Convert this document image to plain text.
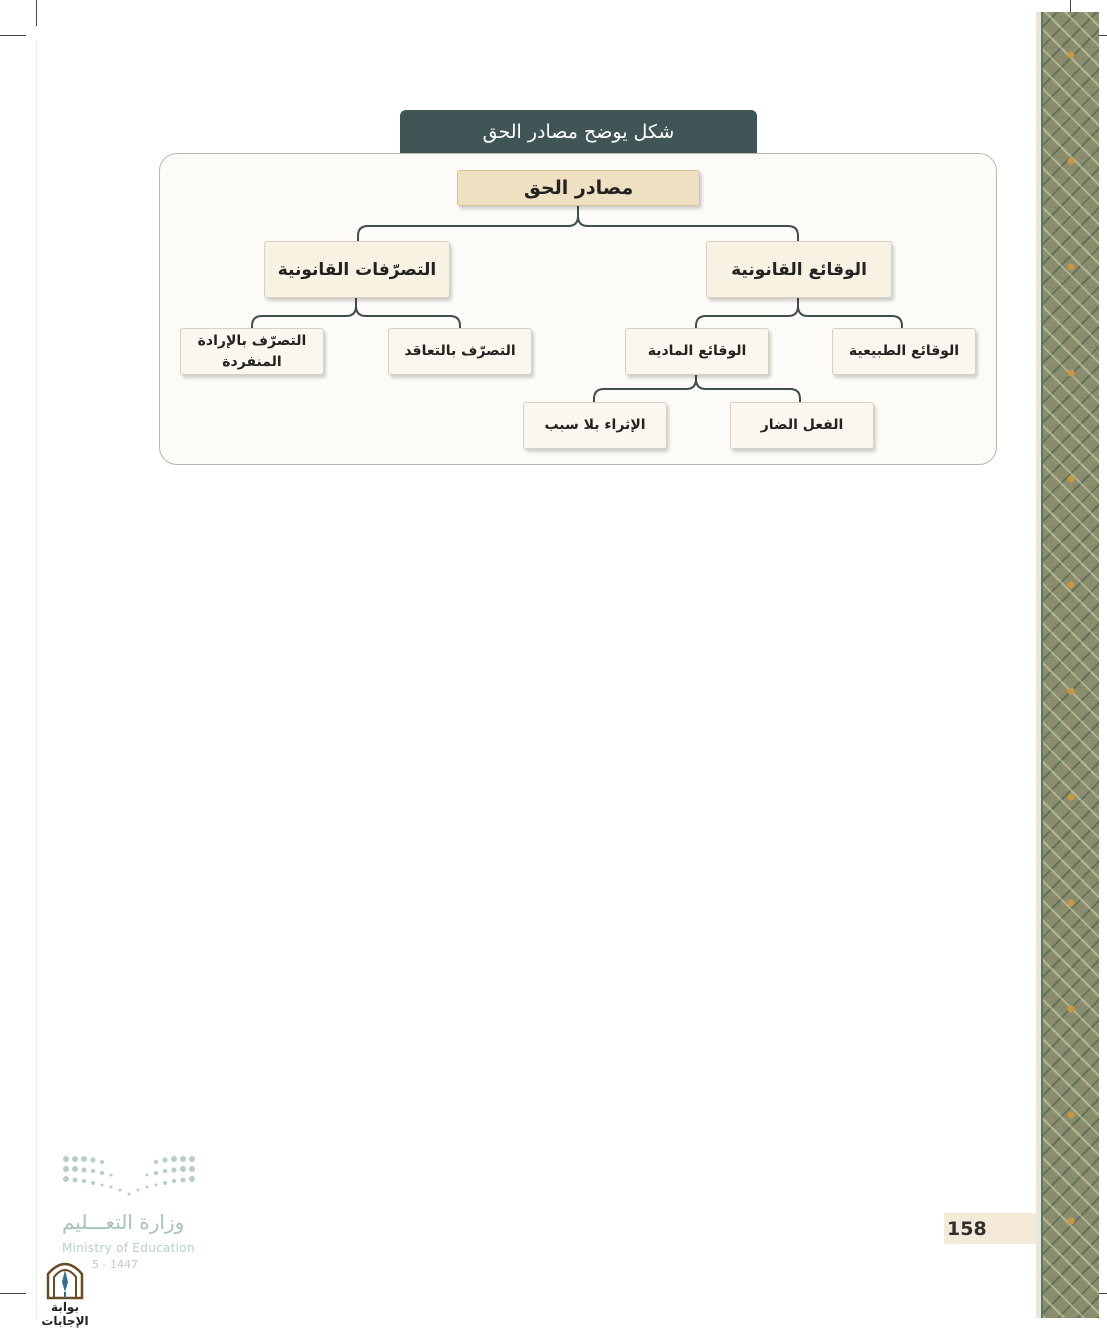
شكل يوضح مصادر الحق
مصادر الحق
الوقائع القانونية
التصرّفات القانونية
الوقائع الطبيعية
الوقائع المادية
التصرّف بالتعاقد
التصرّف بالإرادة المنفردة
الفعل الضار
الإثراء بلا سبب
158
وزارة التعـــليم
Ministry of Education
5 - 1447
بوابة الإجابات
